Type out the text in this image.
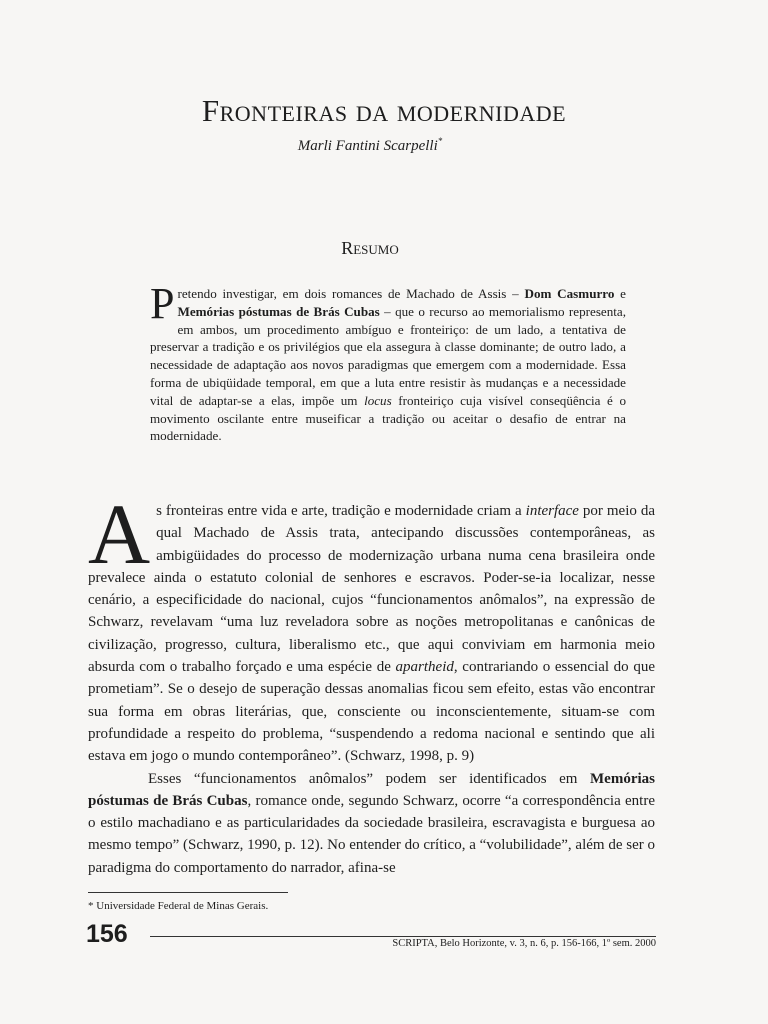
Fronteiras da modernidade
Marli Fantini Scarpelli*
Resumo
Pretendo investigar, em dois romances de Machado de Assis – Dom Casmurro e Memórias póstumas de Brás Cubas – que o recurso ao memorialismo representa, em ambos, um procedimento ambíguo e fronteiriço: de um lado, a tentativa de preservar a tradição e os privilégios que ela assegura à classe dominante; de outro lado, a necessidade de adaptação aos novos paradigmas que emergem com a modernidade. Essa forma de ubiqüidade temporal, em que a luta entre resistir às mudanças e a necessidade vital de adaptar-se a elas, impõe um locus fronteiriço cuja visível conseqüência é o movimento oscilante entre museificar a tradição ou aceitar o desafio de entrar na modernidade.

As fronteiras entre vida e arte, tradição e modernidade criam a interface por meio da qual Machado de Assis trata, antecipando discussões contemporâneas, as ambigüidades do processo de modernização urbana numa cena brasileira onde prevalece ainda o estatuto colonial de senhores e escravos. Poder-se-ia localizar, nesse cenário, a especificidade do nacional, cujos “funcionamentos anômalos”, na expressão de Schwarz, revelavam “uma luz reveladora sobre as noções metropolitanas e canônicas de civilização, progresso, cultura, liberalismo etc., que aqui conviviam em harmonia meio absurda com o trabalho forçado e uma espécie de apartheid, contrariando o essencial do que prometiam”. Se o desejo de superação dessas anomalias ficou sem efeito, estas vão encontrar sua forma em obras literárias, que, consciente ou inconscientemente, situam-se com profundidade a respeito do problema, “suspendendo a redoma nacional e sentindo que ali estava em jogo o mundo contemporâneo”. (Schwarz, 1998, p. 9)

Esses “funcionamentos anômalos” podem ser identificados em Memórias póstumas de Brás Cubas, romance onde, segundo Schwarz, ocorre “a correspondência entre o estilo machadiano e as particularidades da sociedade brasileira, escravagista e burguesa ao mesmo tempo” (Schwarz, 1990, p. 12). No entender do crítico, a “volubilidade”, além de ser o paradigma do comportamento do narrador, afina-se

* Universidade Federal de Minas Gerais.
156	SCRIPTA, Belo Horizonte, v. 3, n. 6, p. 156-166, 1º sem. 2000
